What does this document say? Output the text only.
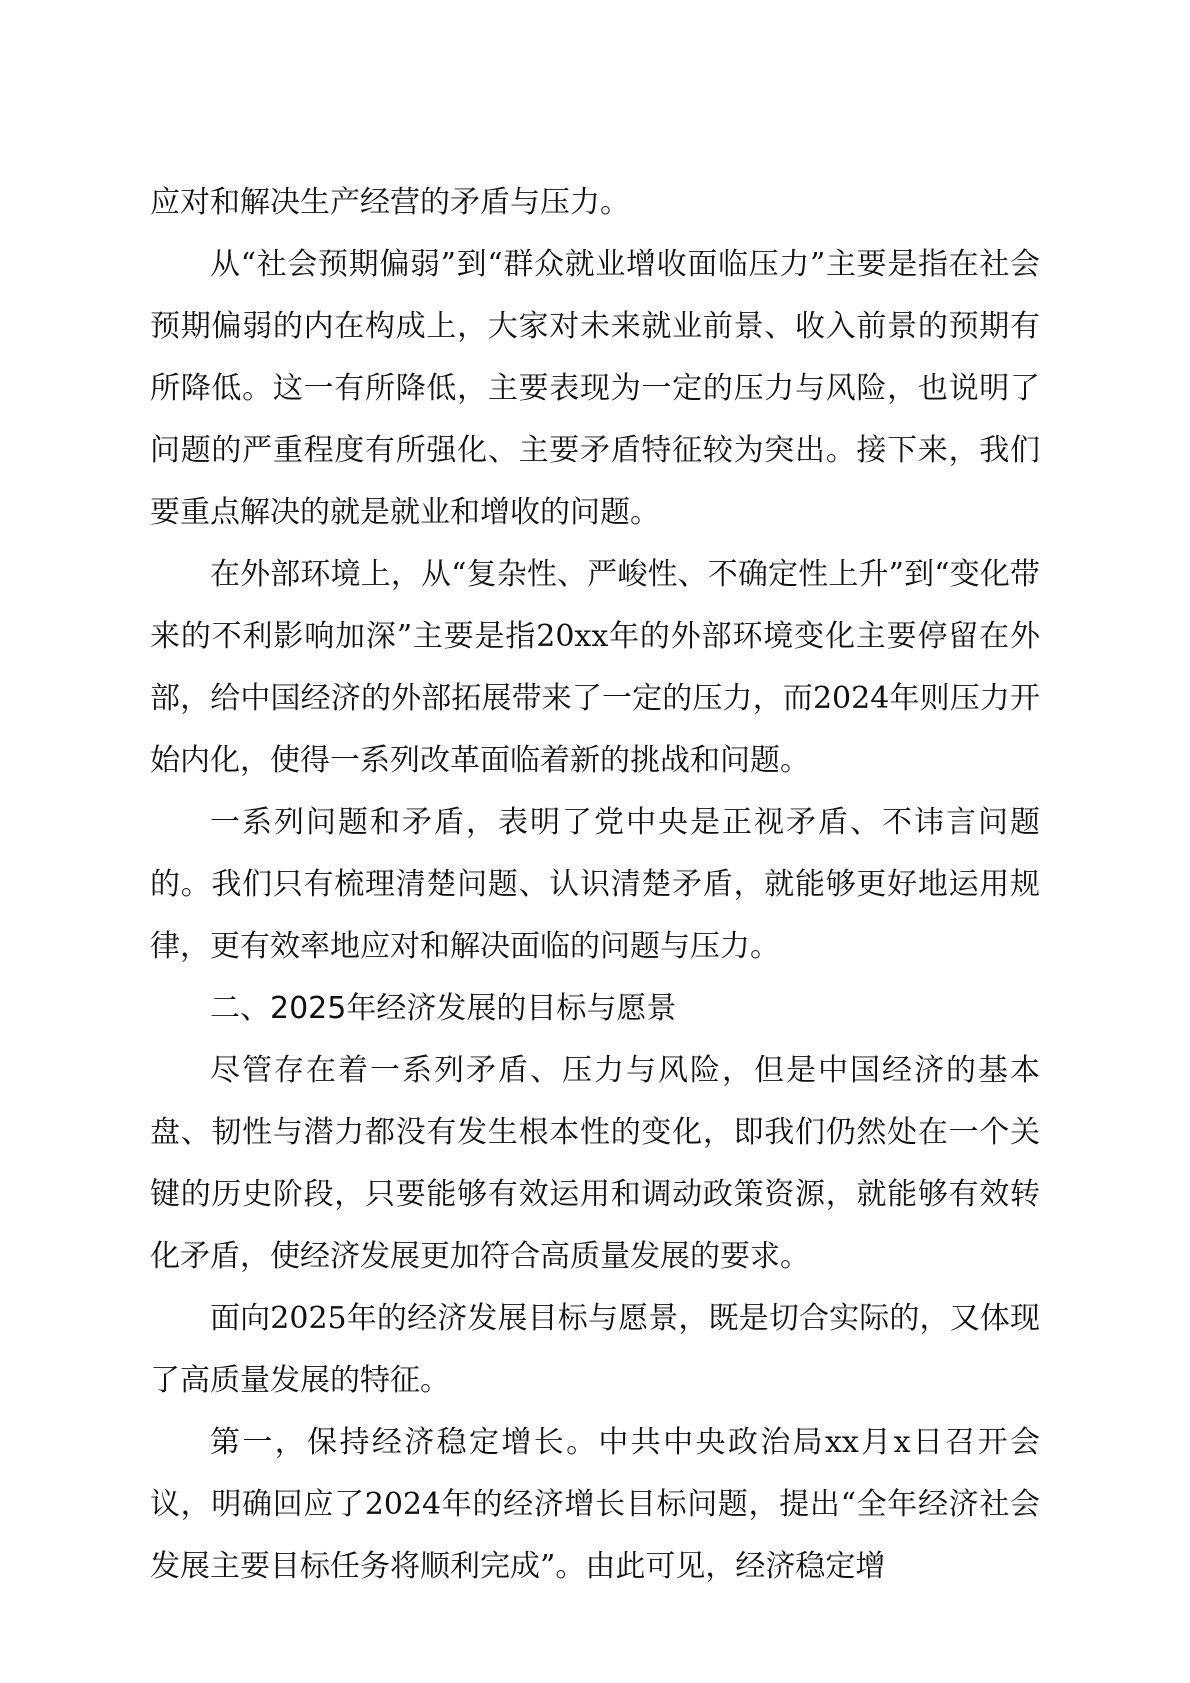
应对和解决生产经营的矛盾与压力。

从“社会预期偏弱”到“群众就业增收面临压力”主要是指在社会预期偏弱的内在构成上，大家对未来就业前景、收入前景的预期有所降低。这一有所降低，主要表现为一定的压力与风险，也说明了问题的严重程度有所强化、主要矛盾特征较为突出。接下来，我们要重点解决的就是就业和增收的问题。

在外部环境上，从“复杂性、严峻性、不确定性上升”到“变化带来的不利影响加深”主要是指20xx年的外部环境变化主要停留在外部，给中国经济的外部拓展带来了一定的压力，而2024年则压力开始内化，使得一系列改革面临着新的挑战和问题。

一系列问题和矛盾，表明了党中央是正视矛盾、不讳言问题的。我们只有梳理清楚问题、认识清楚矛盾，就能够更好地运用规律，更有效率地应对和解决面临的问题与压力。

二、2025年经济发展的目标与愿景

尽管存在着一系列矛盾、压力与风险，但是中国经济的基本盘、韧性与潜力都没有发生根本性的变化，即我们仍然处在一个关键的历史阶段，只要能够有效运用和调动政策资源，就能够有效转化矛盾，使经济发展更加符合高质量发展的要求。

面向2025年的经济发展目标与愿景，既是切合实际的，又体现了高质量发展的特征。

第一，保持经济稳定增长。中共中央政治局xx月x日召开会议，明确回应了2024年的经济增长目标问题，提出“全年经济社会发展主要目标任务将顺利完成”。由此可见，经济稳定增
